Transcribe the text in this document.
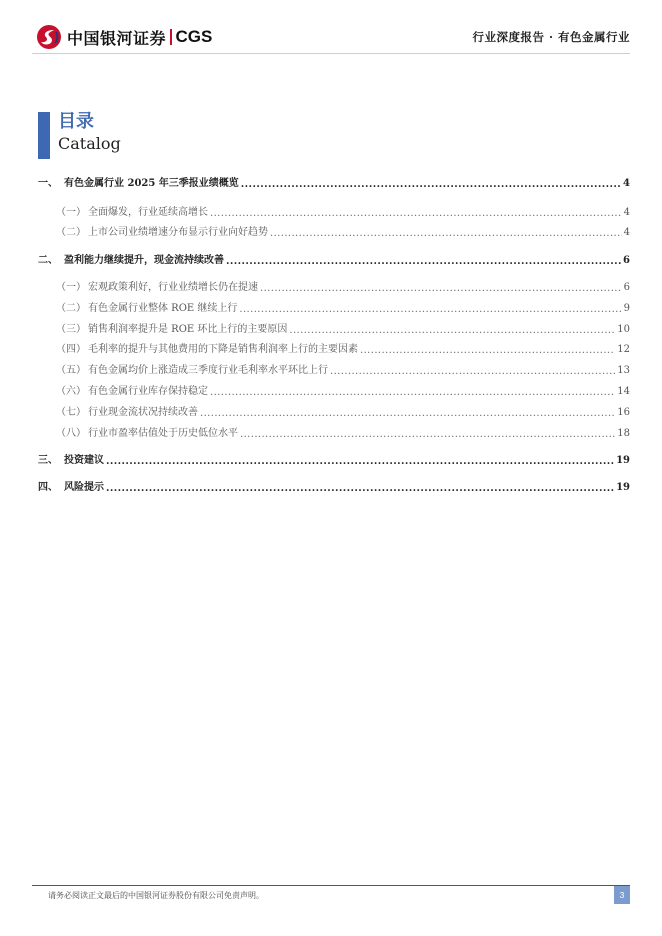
中国银河证券 CGS	行业深度报告 · 有色金属行业
目录
Catalog
一、 有色金属行业 2025 年三季报业绩概览 .....	4
（一） 全面爆发，行业延续高增长 .....	4
（二） 上市公司业绩增速分布显示行业向好趋势 .....	4
二、 盈利能力继续提升，现金流持续改善 .....	6
（一） 宏观政策利好，行业业绩增长仍在提速 .....	6
（二） 有色金属行业整体 ROE 继续上行 .....	9
（三） 销售利润率提升是 ROE 环比上行的主要原因 .....	10
（四） 毛利率的提升与其他费用的下降是销售利润率上行的主要因素 .....	12
（五） 有色金属均价上涨造成三季度行业毛利率水平环比上行 .....	13
（六） 有色金属行业库存保持稳定 .....	14
（七） 行业现金流状况持续改善 .....	16
（八） 行业市盈率估值处于历史低位水平 .....	18
三、 投资建议 .....	19
四、 风险提示 .....	19
请务必阅读正文最后的中国银河证券股份有限公司免责声明。	3
